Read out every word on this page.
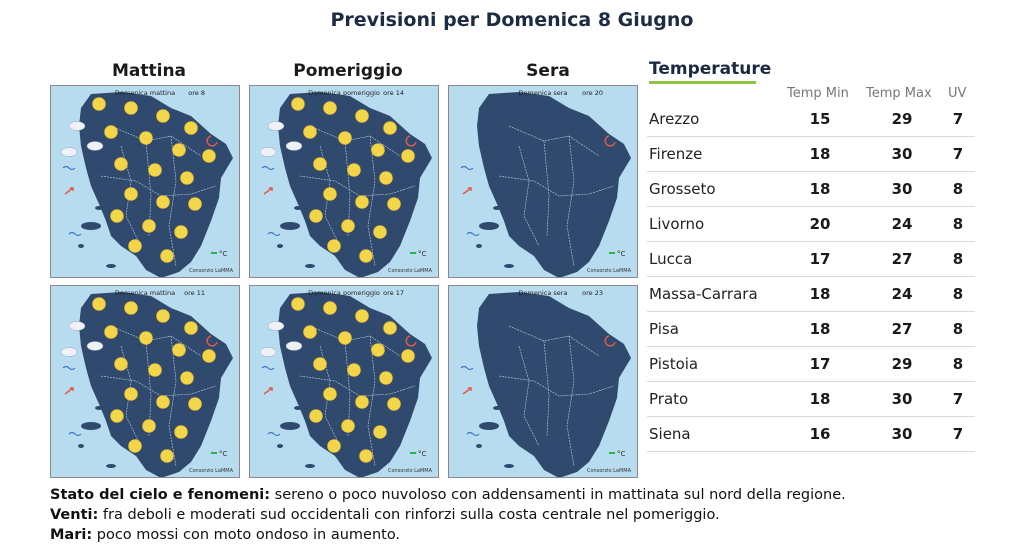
Previsioni per Domenica 8 Giugno
Mattina	Pomeriggio	Sera
°C
Domenica mattina	ore 8
Consorzio LaMMA
°C
Domenica pomeriggio ore 14
Consorzio LaMMA
°C
Domenica sera	ore 20
Consorzio LaMMA
°C
Domenica mattina	ore 11
Consorzio LaMMA
°C
Domenica pomeriggio ore 17
Consorzio LaMMA
°C
Domenica sera	ore 23
Consorzio LaMMA
Temperature
Temp Min Temp Max UV
Arezzo	15	29	7
Firenze	18	30	7
Grosseto	18	30	8
Livorno	20	24	8
Lucca	17	27	8
Massa-Carrara	18	24	8
Pisa	18	27	8
Pistoia	17	29	8
Prato	18	30	7
Siena	16	30	7
Stato del cielo e fenomeni: sereno o poco nuvoloso con addensamenti in mattinata sul nord della regione.
Venti: fra deboli e moderati sud occidentali con rinforzi sulla costa centrale nel pomeriggio.
Mari: poco mossi con moto ondoso in aumento.
